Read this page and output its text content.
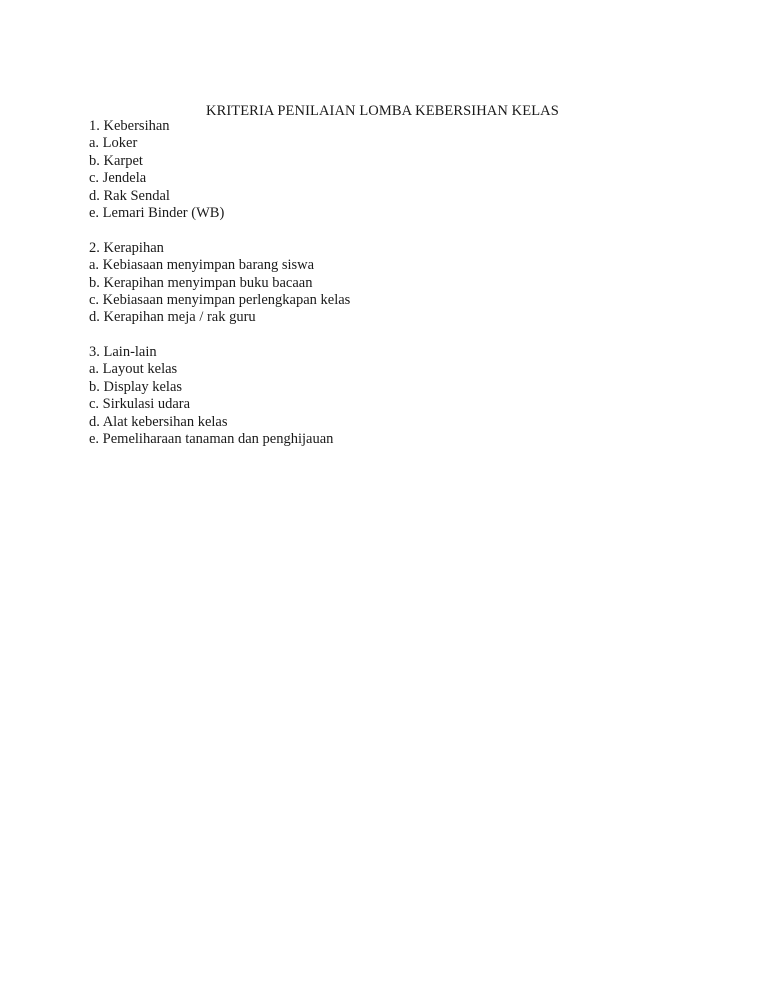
KRITERIA PENILAIAN LOMBA KEBERSIHAN KELAS
1. Kebersihan
a. Loker
b. Karpet
c. Jendela
d. Rak Sendal
e. Lemari Binder (WB)
2. Kerapihan
a. Kebiasaan menyimpan barang siswa
b. Kerapihan menyimpan buku bacaan
c. Kebiasaan menyimpan perlengkapan kelas
d. Kerapihan meja / rak guru
3. Lain-lain
a. Layout kelas
b. Display kelas
c. Sirkulasi udara
d. Alat kebersihan kelas
e. Pemeliharaan tanaman dan penghijauan
